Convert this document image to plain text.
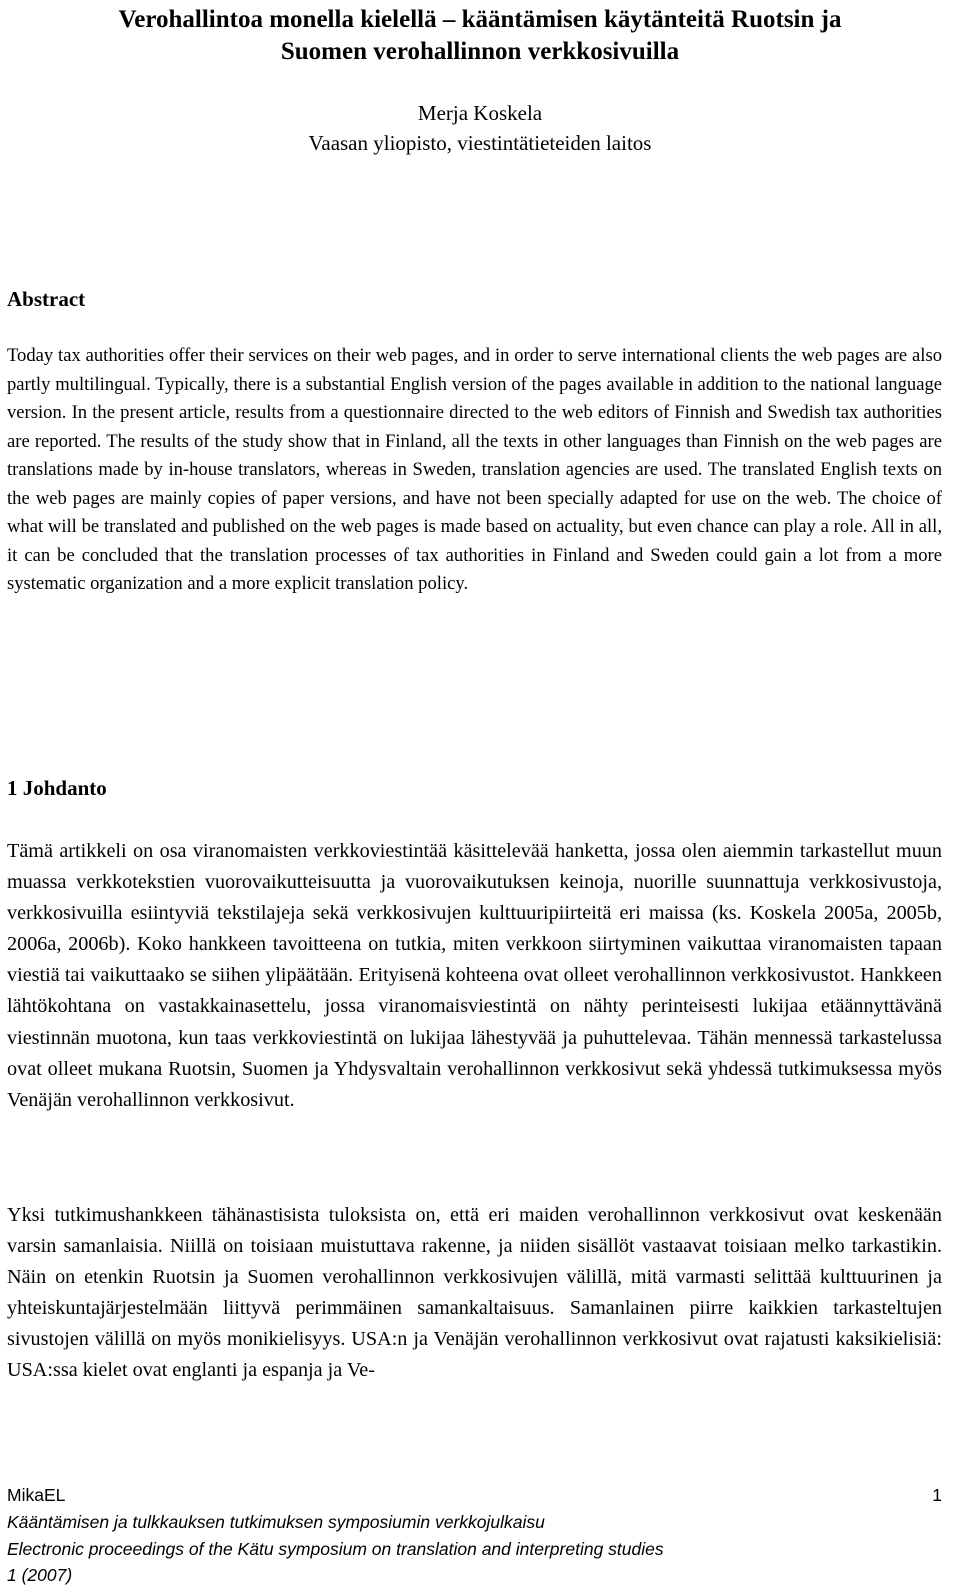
Verohallintoa monella kielellä – kääntämisen käytänteitä Ruotsin ja
Suomen verohallinnon verkkosivuilla
Merja Koskela
Vaasan yliopisto, viestintätieteiden laitos
Abstract

Today tax authorities offer their services on their web pages, and in order to serve international clients the web pages are also partly multilingual. Typically, there is a substantial English version of the pages available in addition to the national language version. In the present article, results from a questionnaire directed to the web editors of Finnish and Swedish tax authorities are reported. The results of the study show that in Finland, all the texts in other languages than Finnish on the web pages are translations made by in-house translators, whereas in Sweden, translation agencies are used. The translated English texts on the web pages are mainly copies of paper versions, and have not been specially adapted for use on the web. The choice of what will be translated and published on the web pages is made based on actuality, but even chance can play a role. All in all, it can be concluded that the translation processes of tax authorities in Finland and Sweden could gain a lot from a more systematic organization and a more explicit translation policy.

1 Johdanto

Tämä artikkeli on osa viranomaisten verkkoviestintää käsittelevää hanketta, jossa olen aiemmin tarkastellut muun muassa verkkotekstien vuorovaikutteisuutta ja vuorovaikutuksen keinoja, nuorille suunnattuja verkkosivustoja, verkkosivuilla esiintyviä tekstilajeja sekä verkkosivujen kulttuuripiirteitä eri maissa (ks. Koskela 2005a, 2005b, 2006a, 2006b). Koko hankkeen tavoitteena on tutkia, miten verkkoon siirtyminen vaikuttaa viranomaisten tapaan viestiä tai vaikuttaako se siihen ylipäätään. Erityisenä kohteena ovat olleet verohallinnon verkkosivustot. Hankkeen lähtökohtana on vastakkainasettelu, jossa viranomaisviestintä on nähty perinteisesti lukijaa etäännyttävänä viestinnän muotona, kun taas verkkoviestintä on lukijaa lähestyvää ja puhuttelevaa. Tähän mennessä tarkastelussa ovat olleet mukana Ruotsin, Suomen ja Yhdysvaltain verohallinnon verkkosivut sekä yhdessä tutkimuksessa myös Venäjän verohallinnon verkkosivut.

Yksi tutkimushankkeen tähänastisista tuloksista on, että eri maiden verohallinnon verkkosivut ovat keskenään varsin samanlaisia. Niillä on toisiaan muistuttava rakenne, ja niiden sisällöt vastaavat toisiaan melko tarkastikin. Näin on etenkin Ruotsin ja Suomen verohallinnon verkkosivujen välillä, mitä varmasti selittää kulttuurinen ja yhteiskuntajärjestelmään liittyvä perimmäinen samankaltaisuus. Samanlainen piirre kaikkien tarkasteltujen sivustojen välillä on myös monikielisyys. USA:n ja Venäjän verohallinnon verkkosivut ovat rajatusti kaksikielisiä: USA:ssa kielet ovat englanti ja espanja ja Ve-

MikaEL	1
Kääntämisen ja tulkkauksen tutkimuksen symposiumin verkkojulkaisu
Electronic proceedings of the Kätu symposium on translation and interpreting studies
1 (2007)
